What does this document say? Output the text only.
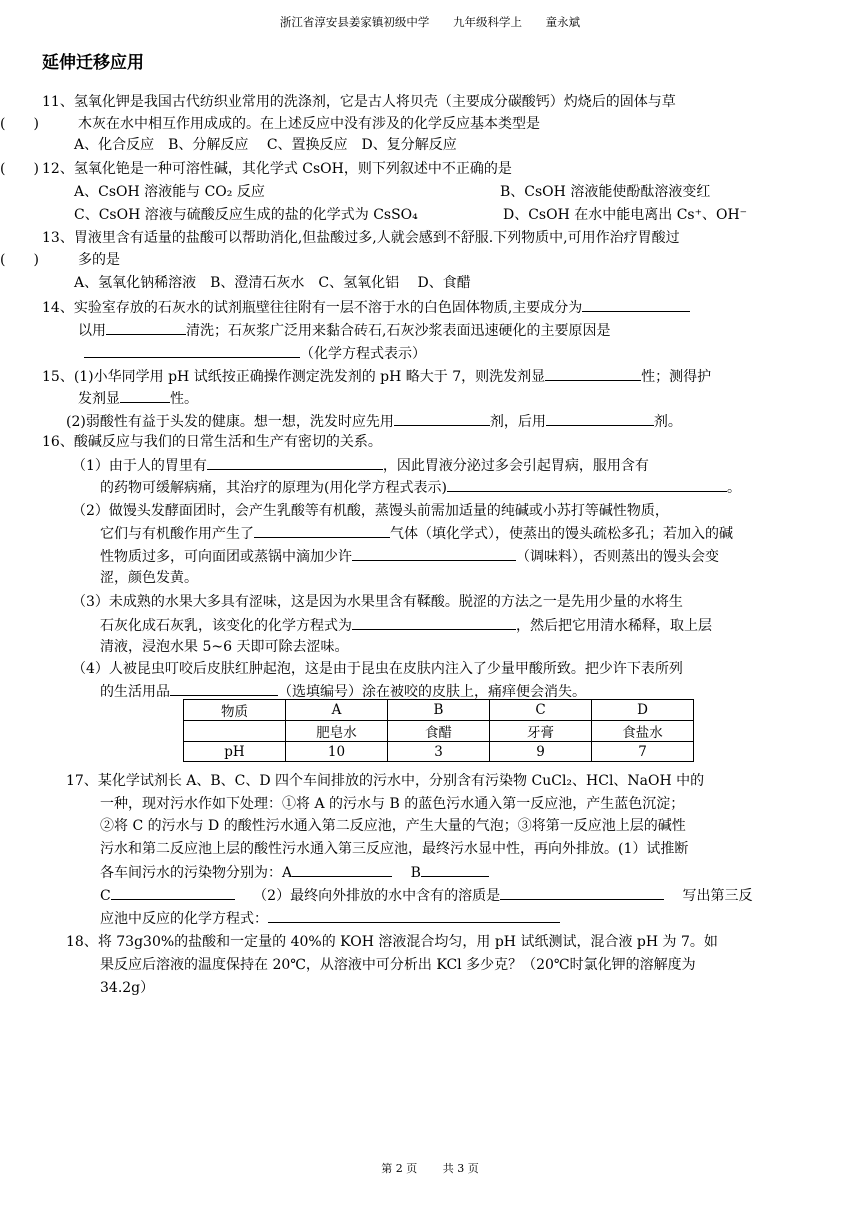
浙江省淳安县姜家镇初级中学 九年级科学上 童永斌
延伸迁移应用
11、氢氧化钾是我国古代纺织业常用的洗涤剂，它是古人将贝壳（主要成分碳酸钙）灼烧后的固体与草
木灰在水中相互作用成成的。在上述反应中没有涉及的化学反应基本类型是
(　　)
A、化合反应　B、分解反应　 C、置换反应　D、复分解反应
12、氢氧化铯是一种可溶性碱，其化学式 CsOH，则下列叙述中不正确的是
(　　)
A、CsOH 溶液能与 CO₂ 反应	B、CsOH 溶液能使酚酞溶液变红
C、CsOH 溶液与硫酸反应生成的盐的化学式为 CsSO₄	D、CsOH 在水中能电离出 Cs⁺、OH⁻
13、胃液里含有适量的盐酸可以帮助消化,但盐酸过多,人就会感到不舒服.下列物质中,可用作治疗胃酸过
多的是
(　　)
A、氢氧化钠稀溶液　B、澄清石灰水　C、氢氧化铝　 D、食醋
14、实验室存放的石灰水的试剂瓶壁往往附有一层不溶于水的白色固体物质,主要成分为
以用	清洗；石灰浆广泛用来黏合砖石,石灰沙浆表面迅速硬化的主要原因是
（化学方程式表示）
15、(1)小华同学用 pH 试纸按正确操作测定洗发剂的 pH 略大于 7，则洗发剂显	性；测得护
发剂显	性。
(2)弱酸性有益于头发的健康。想一想，洗发时应先用	剂，后用	剂。
16、酸碱反应与我们的日常生活和生产有密切的关系。
（1）由于人的胃里有	，因此胃液分泌过多会引起胃病，服用含有
的药物可缓解病痛，其治疗的原理为(用化学方程式表示)	。
（2）做馒头发酵面团时，会产生乳酸等有机酸，蒸馒头前需加适量的纯碱或小苏打等碱性物质，
它们与有机酸作用产生了	气体（填化学式），使蒸出的馒头疏松多孔；若加入的碱
性物质过多，可向面团或蒸锅中滴加少许	（调味料），否则蒸出的馒头会变
涩，颜色发黄。
（3）未成熟的水果大多具有涩味，这是因为水果里含有鞣酸。脱涩的方法之一是先用少量的水将生
石灰化成石灰乳，该变化的化学方程式为	，然后把它用清水稀释，取上层
清液，浸泡水果 5~6 天即可除去涩味。
（4）人被昆虫叮咬后皮肤红肿起泡，这是由于昆虫在皮肤内注入了少量甲酸所致。把少许下表所列
的生活用品	（选填编号）涂在被咬的皮肤上，痛痒便会消失。
物质	A	B	C	D
	肥皂水	食醋	牙膏	食盐水
pH	10	3	9	7
17、某化学试剂长 A、B、C、D 四个车间排放的污水中，分别含有污染物 CuCl₂、HCl、NaOH 中的
一种，现对污水作如下处理：①将 A 的污水与 B 的蓝色污水通入第一反应池，产生蓝色沉淀；
②将 C 的污水与 D 的酸性污水通入第二反应池，产生大量的气泡；③将第一反应池上层的碱性
污水和第二反应池上层的酸性污水通入第三反应池，最终污水显中性，再向外排放。(1）试推断
各车间污水的污染物分别为：A	B
C	（2）最终向外排放的水中含有的溶质是	写出第三反
应池中反应的化学方程式：
18、将 73g30%的盐酸和一定量的 40%的 KOH 溶液混合均匀，用 pH 试纸测试，混合液 pH 为 7。如
果反应后溶液的温度保持在 20℃，从溶液中可分析出 KCl 多少克？（20℃时氯化钾的溶解度为
34.2g）
第 2 页 共 3 页
